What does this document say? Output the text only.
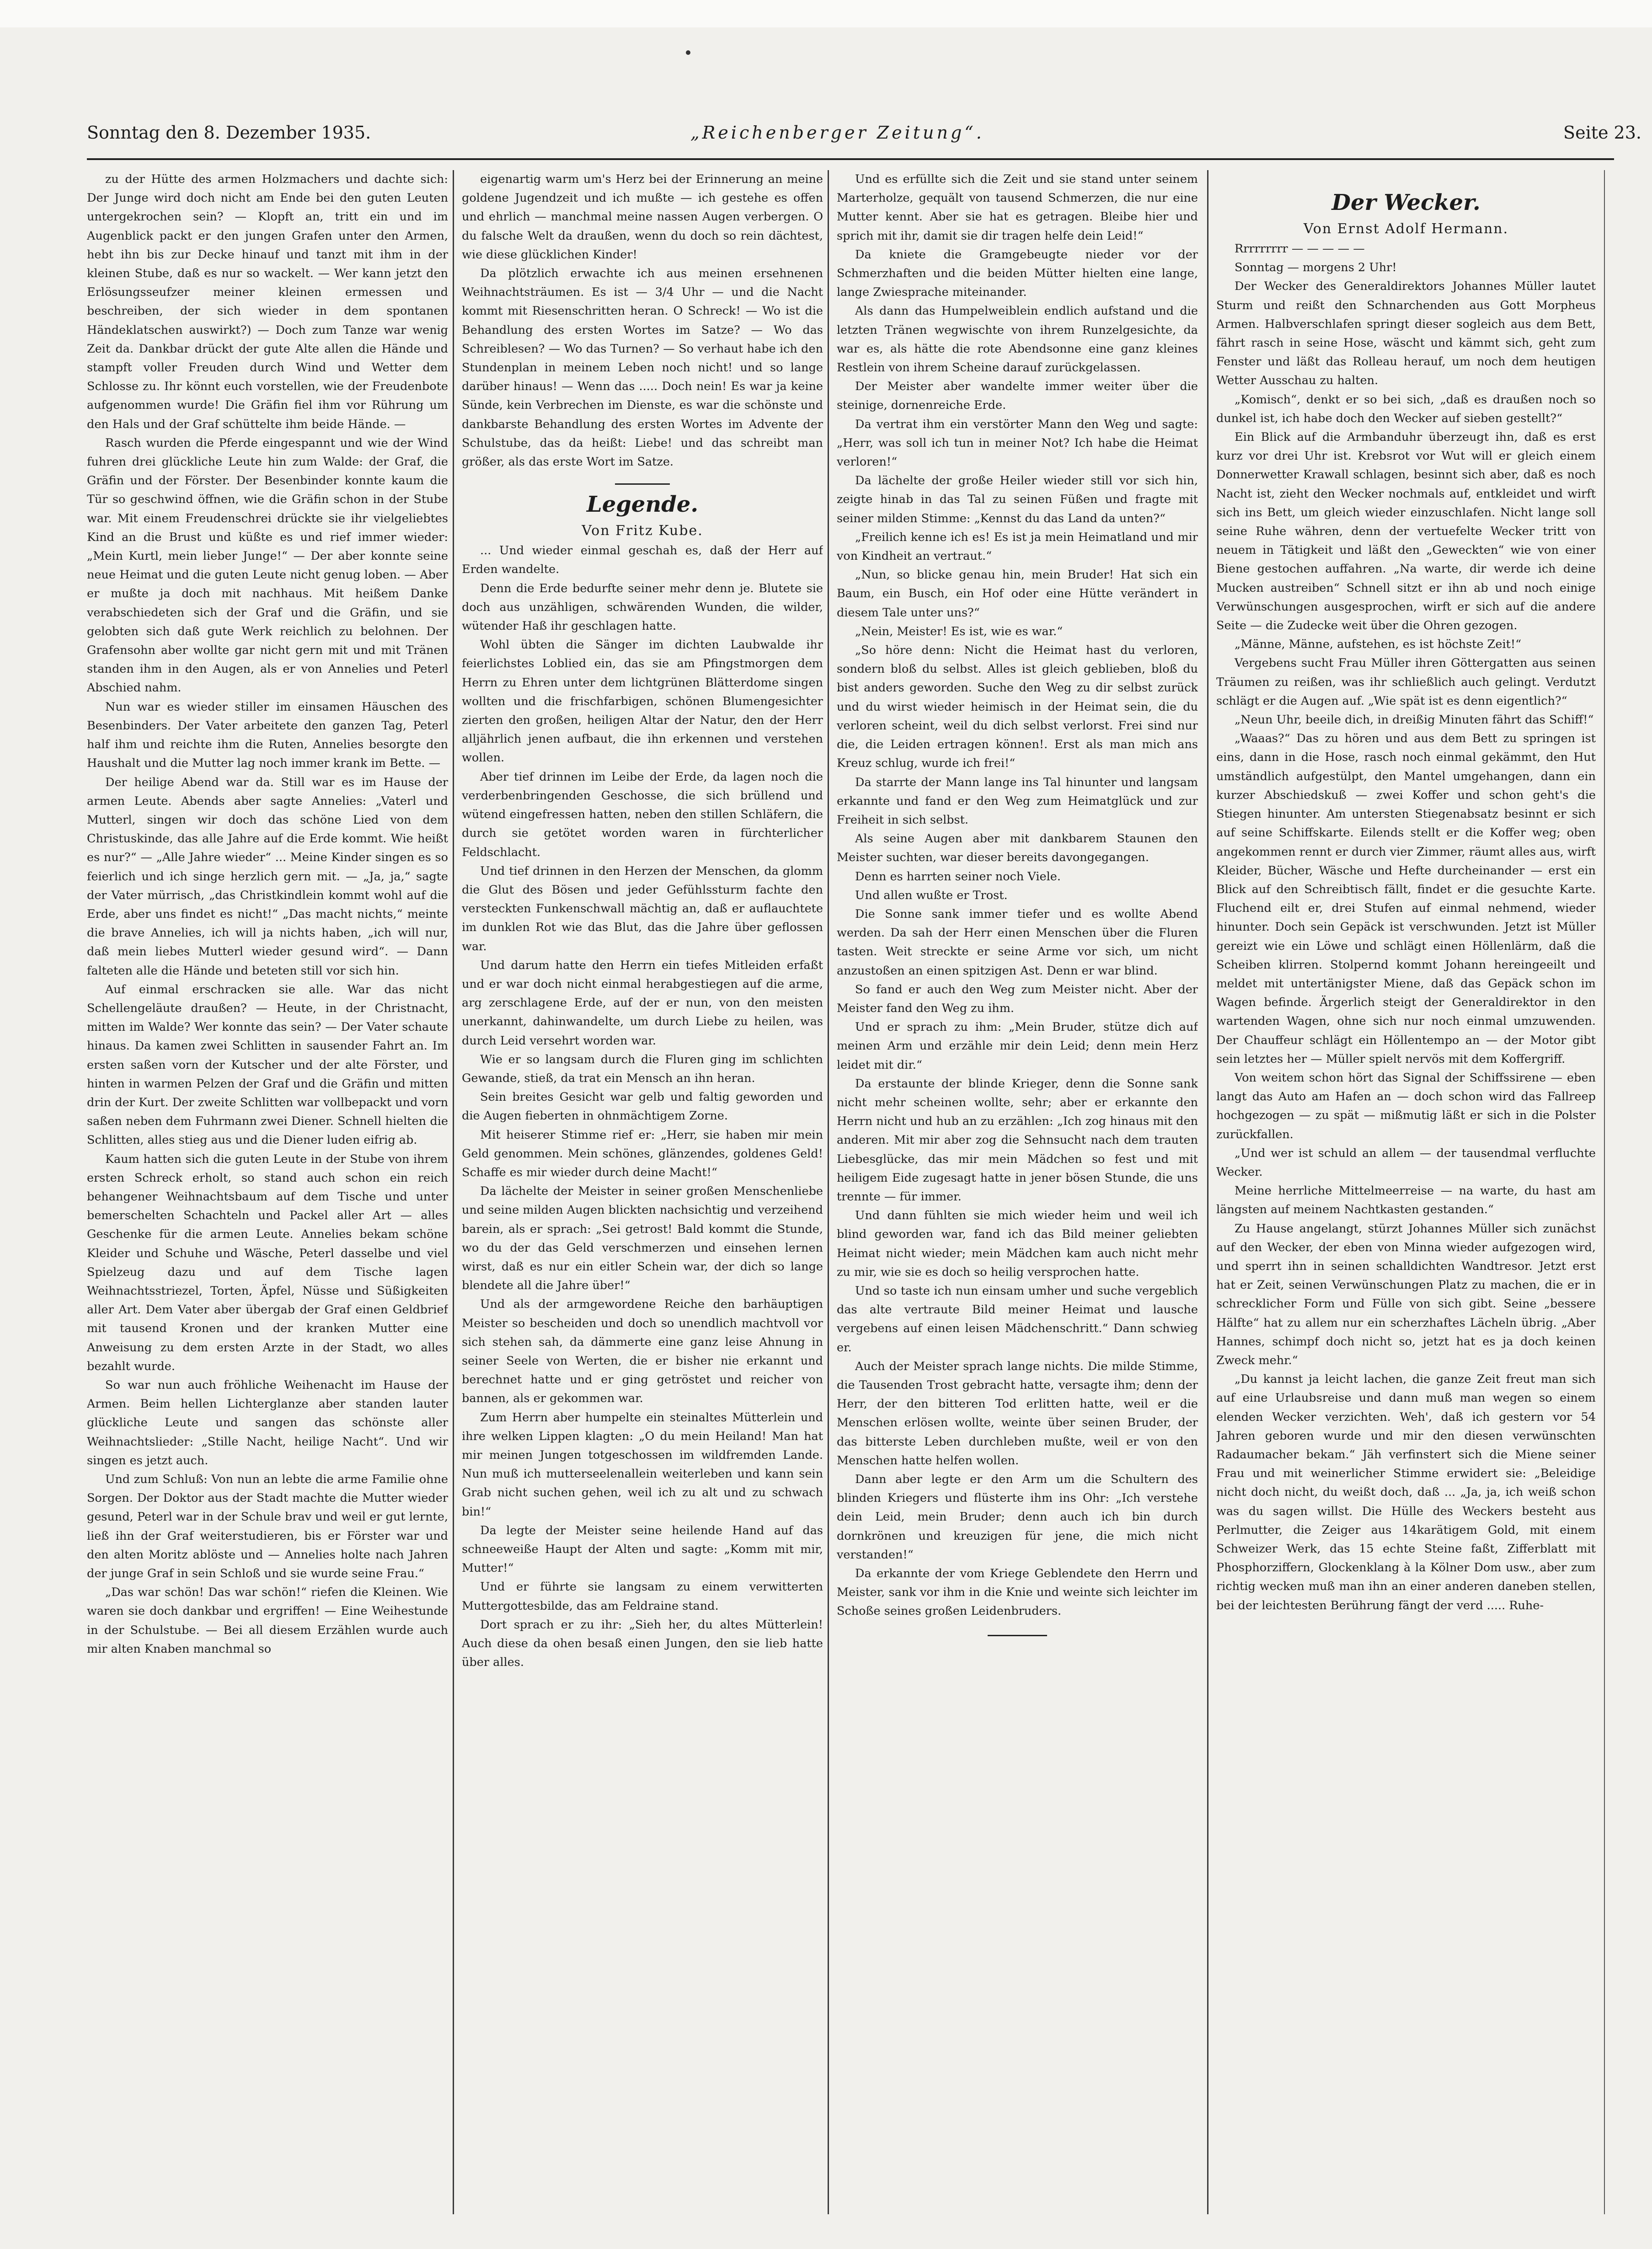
Sonntag den 8. Dezember 1935.	„Reichenberger Zeitung“.	Seite 23.

zu der Hütte des armen Holzmachers und dachte sich: Der Junge wird doch nicht am Ende bei den guten Leuten untergekrochen sein? — Klopft an, tritt ein und im Augenblick packt er den jungen Grafen unter den Armen, hebt ihn bis zur Decke hinauf und tanzt mit ihm in der kleinen Stube, daß es nur so wackelt. — Wer kann jetzt den Erlösungsseufzer meiner kleinen ermessen und beschreiben, der sich wieder in dem spontanen Händeklatschen auswirkt?) — Doch zum Tanze war wenig Zeit da. Dankbar drückt der gute Alte allen die Hände und stampft voller Freuden durch Wind und Wetter dem Schlosse zu. Ihr könnt euch vorstellen, wie der Freudenbote aufgenommen wurde! Die Gräfin fiel ihm vor Rührung um den Hals und der Graf schüttelte ihm beide Hände. —

Rasch wurden die Pferde eingespannt und wie der Wind fuhren drei glückliche Leute hin zum Walde: der Graf, die Gräfin und der Förster. Der Besenbinder konnte kaum die Tür so geschwind öffnen, wie die Gräfin schon in der Stube war. Mit einem Freudenschrei drückte sie ihr vielgeliebtes Kind an die Brust und küßte es und rief immer wieder: „Mein Kurtl, mein lieber Junge!“ — Der aber konnte seine neue Heimat und die guten Leute nicht genug loben. — Aber er mußte ja doch mit nachhaus. Mit heißem Danke verabschiedeten sich der Graf und die Gräfin, und sie gelobten sich daß gute Werk reichlich zu belohnen. Der Grafensohn aber wollte gar nicht gern mit und mit Tränen standen ihm in den Augen, als er von Annelies und Peterl Abschied nahm.

Nun war es wieder stiller im einsamen Häuschen des Besenbinders. Der Vater arbeitete den ganzen Tag, Peterl half ihm und reichte ihm die Ruten, Annelies besorgte den Haushalt und die Mutter lag noch immer krank im Bette. —

Der heilige Abend war da. Still war es im Hause der armen Leute. Abends aber sagte Annelies: „Vaterl und Mutterl, singen wir doch das schöne Lied von dem Christuskinde, das alle Jahre auf die Erde kommt. Wie heißt es nur?“ — „Alle Jahre wieder“ ... Meine Kinder singen es so feierlich und ich singe herzlich gern mit. — „Ja, ja,“ sagte der Vater mürrisch, „das Christkindlein kommt wohl auf die Erde, aber uns findet es nicht!“ „Das macht nichts,“ meinte die brave Annelies, ich will ja nichts haben, „ich will nur, daß mein liebes Mutterl wieder gesund wird“. — Dann falteten alle die Hände und beteten still vor sich hin.

Auf einmal erschracken sie alle. War das nicht Schellengeläute draußen? — Heute, in der Christnacht, mitten im Walde? Wer konnte das sein? — Der Vater schaute hinaus. Da kamen zwei Schlitten in sausender Fahrt an. Im ersten saßen vorn der Kutscher und der alte Förster, und hinten in warmen Pelzen der Graf und die Gräfin und mitten drin der Kurt. Der zweite Schlitten war vollbepackt und vorn saßen neben dem Fuhrmann zwei Diener. Schnell hielten die Schlitten, alles stieg aus und die Diener luden eifrig ab.

Kaum hatten sich die guten Leute in der Stube von ihrem ersten Schreck erholt, so stand auch schon ein reich behangener Weihnachtsbaum auf dem Tische und unter bemerschelten Schachteln und Packel aller Art — alles Geschenke für die armen Leute. Annelies bekam schöne Kleider und Schuhe und Wäsche, Peterl dasselbe und viel Spielzeug dazu und auf dem Tische lagen Weihnachtsstriezel, Torten, Äpfel, Nüsse und Süßigkeiten aller Art. Dem Vater aber übergab der Graf einen Geldbrief mit tausend Kronen und der kranken Mutter eine Anweisung zu dem ersten Arzte in der Stadt, wo alles bezahlt wurde.

So war nun auch fröhliche Weihenacht im Hause der Armen. Beim hellen Lichterglanze aber standen lauter glückliche Leute und sangen das schönste aller Weihnachtslieder: „Stille Nacht, heilige Nacht“. Und wir singen es jetzt auch.

Und zum Schluß: Von nun an lebte die arme Familie ohne Sorgen. Der Doktor aus der Stadt machte die Mutter wieder gesund, Peterl war in der Schule brav und weil er gut lernte, ließ ihn der Graf weiterstudieren, bis er Förster war und den alten Moritz ablöste und — Annelies holte nach Jahren der junge Graf in sein Schloß und sie wurde seine Frau.“

„Das war schön! Das war schön!“ riefen die Kleinen. Wie waren sie doch dankbar und ergriffen! — Eine Weihestunde in der Schulstube. — Bei all diesem Erzählen wurde auch mir alten Knaben manchmal so

eigenartig warm um's Herz bei der Erinnerung an meine goldene Jugendzeit und ich mußte — ich gestehe es offen und ehrlich — manchmal meine nassen Augen verbergen. O du falsche Welt da draußen, wenn du doch so rein dächtest, wie diese glücklichen Kinder!

Da plötzlich erwachte ich aus meinen ersehnenen Weihnachtsträumen. Es ist — 3/4 Uhr — und die Nacht kommt mit Riesenschritten heran. O Schreck! — Wo ist die Behandlung des ersten Wortes im Satze? — Wo das Schreiblesen? — Wo das Turnen? — So verhaut habe ich den Stundenplan in meinem Leben noch nicht! und so lange darüber hinaus! — Wenn das ..... Doch nein! Es war ja keine Sünde, kein Verbrechen im Dienste, es war die schönste und dankbarste Behandlung des ersten Wortes im Advente der Schulstube, das da heißt: Liebe! und das schreibt man größer, als das erste Wort im Satze.

Legende.

Von Fritz Kube.

... Und wieder einmal geschah es, daß der Herr auf Erden wandelte.

Denn die Erde bedurfte seiner mehr denn je. Blutete sie doch aus unzähligen, schwärenden Wunden, die wilder, wütender Haß ihr geschlagen hatte.

Wohl übten die Sänger im dichten Laubwalde ihr feierlichstes Loblied ein, das sie am Pfingstmorgen dem Herrn zu Ehren unter dem lichtgrünen Blätterdome singen wollten und die frischfarbigen, schönen Blumengesichter zierten den großen, heiligen Altar der Natur, den der Herr alljährlich jenen aufbaut, die ihn erkennen und verstehen wollen.

Aber tief drinnen im Leibe der Erde, da lagen noch die verderbenbringenden Geschosse, die sich brüllend und wütend eingefressen hatten, neben den stillen Schläfern, die durch sie getötet worden waren in fürchterlicher Feldschlacht.

Und tief drinnen in den Herzen der Menschen, da glomm die Glut des Bösen und jeder Gefühlssturm fachte den versteckten Funkenschwall mächtig an, daß er auflauchtete im dunklen Rot wie das Blut, das die Jahre über geflossen war.

Und darum hatte den Herrn ein tiefes Mitleiden erfaßt und er war doch nicht einmal herabgestiegen auf die arme, arg zerschlagene Erde, auf der er nun, von den meisten unerkannt, dahinwandelte, um durch Liebe zu heilen, was durch Leid versehrt worden war.

Wie er so langsam durch die Fluren ging im schlichten Gewande, stieß, da trat ein Mensch an ihn heran.

Sein breites Gesicht war gelb und faltig geworden und die Augen fieberten in ohnmächtigem Zorne.

Mit heiserer Stimme rief er: „Herr, sie haben mir mein Geld genommen. Mein schönes, glänzendes, goldenes Geld! Schaffe es mir wieder durch deine Macht!“

Da lächelte der Meister in seiner großen Menschenliebe und seine milden Augen blickten nachsichtig und verzeihend barein, als er sprach: „Sei getrost! Bald kommt die Stunde, wo du der das Geld verschmerzen und einsehen lernen wirst, daß es nur ein eitler Schein war, der dich so lange blendete all die Jahre über!“

Und als der armgewordene Reiche den barhäuptigen Meister so bescheiden und doch so unendlich machtvoll vor sich stehen sah, da dämmerte eine ganz leise Ahnung in seiner Seele von Werten, die er bisher nie erkannt und berechnet hatte und er ging getröstet und reicher von bannen, als er gekommen war.

Zum Herrn aber humpelte ein steinaltes Mütterlein und ihre welken Lippen klagten: „O du mein Heiland! Man hat mir meinen Jungen totgeschossen im wildfremden Lande. Nun muß ich mutterseelenallein weiterleben und kann sein Grab nicht suchen gehen, weil ich zu alt und zu schwach bin!“

Da legte der Meister seine heilende Hand auf das schneeweiße Haupt der Alten und sagte: „Komm mit mir, Mutter!“

Und er führte sie langsam zu einem verwitterten Muttergottesbilde, das am Feldraine stand.

Dort sprach er zu ihr: „Sieh her, du altes Mütterlein! Auch diese da ohen besaß einen Jungen, den sie lieb hatte über alles.

Und es erfüllte sich die Zeit und sie stand unter seinem Marterholze, gequält von tausend Schmerzen, die nur eine Mutter kennt. Aber sie hat es getragen. Bleibe hier und sprich mit ihr, damit sie dir tragen helfe dein Leid!“

Da kniete die Gramgebeugte nieder vor der Schmerzhaften und die beiden Mütter hielten eine lange, lange Zwiesprache miteinander.

Als dann das Humpelweiblein endlich aufstand und die letzten Tränen wegwischte von ihrem Runzelgesichte, da war es, als hätte die rote Abendsonne eine ganz kleines Restlein von ihrem Scheine darauf zurückgelassen.

Der Meister aber wandelte immer weiter über die steinige, dornenreiche Erde.

Da vertrat ihm ein verstörter Mann den Weg und sagte: „Herr, was soll ich tun in meiner Not? Ich habe die Heimat verloren!“

Da lächelte der große Heiler wieder still vor sich hin, zeigte hinab in das Tal zu seinen Füßen und fragte mit seiner milden Stimme: „Kennst du das Land da unten?“

„Freilich kenne ich es! Es ist ja mein Heimatland und mir von Kindheit an vertraut.“

„Nun, so blicke genau hin, mein Bruder! Hat sich ein Baum, ein Busch, ein Hof oder eine Hütte verändert in diesem Tale unter uns?“

„Nein, Meister! Es ist, wie es war.“

„So höre denn: Nicht die Heimat hast du verloren, sondern bloß du selbst. Alles ist gleich geblieben, bloß du bist anders geworden. Suche den Weg zu dir selbst zurück und du wirst wieder heimisch in der Heimat sein, die du verloren scheint, weil du dich selbst verlorst. Frei sind nur die, die Leiden ertragen können!. Erst als man mich ans Kreuz schlug, wurde ich frei!“

Da starrte der Mann lange ins Tal hinunter und langsam erkannte und fand er den Weg zum Heimatglück und zur Freiheit in sich selbst.

Als seine Augen aber mit dankbarem Staunen den Meister suchten, war dieser bereits davongegangen.

Denn es harrten seiner noch Viele.

Und allen wußte er Trost.

Die Sonne sank immer tiefer und es wollte Abend werden. Da sah der Herr einen Menschen über die Fluren tasten. Weit streckte er seine Arme vor sich, um nicht anzustoßen an einen spitzigen Ast. Denn er war blind.

So fand er auch den Weg zum Meister nicht. Aber der Meister fand den Weg zu ihm.

Und er sprach zu ihm: „Mein Bruder, stütze dich auf meinen Arm und erzähle mir dein Leid; denn mein Herz leidet mit dir.“

Da erstaunte der blinde Krieger, denn die Sonne sank nicht mehr scheinen wollte, sehr; aber er erkannte den Herrn nicht und hub an zu erzählen: „Ich zog hinaus mit den anderen. Mit mir aber zog die Sehnsucht nach dem trauten Liebesglücke, das mir mein Mädchen so fest und mit heiligem Eide zugesagt hatte in jener bösen Stunde, die uns trennte — für immer.

Und dann fühlten sie mich wieder heim und weil ich blind geworden war, fand ich das Bild meiner geliebten Heimat nicht wieder; mein Mädchen kam auch nicht mehr zu mir, wie sie es doch so heilig versprochen hatte.

Und so taste ich nun einsam umher und suche vergeblich das alte vertraute Bild meiner Heimat und lausche vergebens auf einen leisen Mädchenschritt.“ Dann schwieg er.

Auch der Meister sprach lange nichts. Die milde Stimme, die Tausenden Trost gebracht hatte, versagte ihm; denn der Herr, der den bitteren Tod erlitten hatte, weil er die Menschen erlösen wollte, weinte über seinen Bruder, der das bitterste Leben durchleben mußte, weil er von den Menschen hatte helfen wollen.

Dann aber legte er den Arm um die Schultern des blinden Kriegers und flüsterte ihm ins Ohr: „Ich verstehe dein Leid, mein Bruder; denn auch ich bin durch dornkrönen und kreuzigen für jene, die mich nicht verstanden!“

Da erkannte der vom Kriege Geblendete den Herrn und Meister, sank vor ihm in die Knie und weinte sich leichter im Schoße seines großen Leidenbruders.

Der Wecker.

Von Ernst Adolf Hermann.

Rrrrrrrrr — — — — —

Sonntag — morgens 2 Uhr!

Der Wecker des Generaldirektors Johannes Müller lautet Sturm und reißt den Schnarchenden aus Gott Morpheus Armen. Halbverschlafen springt dieser sogleich aus dem Bett, fährt rasch in seine Hose, wäscht und kämmt sich, geht zum Fenster und läßt das Rolleau herauf, um noch dem heutigen Wetter Ausschau zu halten.

„Komisch“, denkt er so bei sich, „daß es draußen noch so dunkel ist, ich habe doch den Wecker auf sieben gestellt?“

Ein Blick auf die Armbanduhr überzeugt ihn, daß es erst kurz vor drei Uhr ist. Krebsrot vor Wut will er gleich einem Donnerwetter Krawall schlagen, besinnt sich aber, daß es noch Nacht ist, zieht den Wecker nochmals auf, entkleidet und wirft sich ins Bett, um gleich wieder einzuschlafen. Nicht lange soll seine Ruhe währen, denn der vertuefelte Wecker tritt von neuem in Tätigkeit und läßt den „Geweckten“ wie von einer Biene gestochen auffahren. „Na warte, dir werde ich deine Mucken austreiben“ Schnell sitzt er ihn ab und noch einige Verwünschungen ausgesprochen, wirft er sich auf die andere Seite — die Zudecke weit über die Ohren gezogen.

„Männe, Männe, aufstehen, es ist höchste Zeit!“

Vergebens sucht Frau Müller ihren Göttergatten aus seinen Träumen zu reißen, was ihr schließlich auch gelingt. Verdutzt schlägt er die Augen auf. „Wie spät ist es denn eigentlich?“

„Neun Uhr, beeile dich, in dreißig Minuten fährt das Schiff!“

„Waaas?“ Das zu hören und aus dem Bett zu springen ist eins, dann in die Hose, rasch noch einmal gekämmt, den Hut umständlich aufgestülpt, den Mantel umgehangen, dann ein kurzer Abschiedskuß — zwei Koffer und schon geht's die Stiegen hinunter. Am untersten Stiegenabsatz besinnt er sich auf seine Schiffskarte. Eilends stellt er die Koffer weg; oben angekommen rennt er durch vier Zimmer, räumt alles aus, wirft Kleider, Bücher, Wäsche und Hefte durcheinander — erst ein Blick auf den Schreibtisch fällt, findet er die gesuchte Karte. Fluchend eilt er, drei Stufen auf einmal nehmend, wieder hinunter. Doch sein Gepäck ist verschwunden. Jetzt ist Müller gereizt wie ein Löwe und schlägt einen Höllenlärm, daß die Scheiben klirren. Stolpernd kommt Johann hereingeeilt und meldet mit untertänigster Miene, daß das Gepäck schon im Wagen befinde. Ärgerlich steigt der Generaldirektor in den wartenden Wagen, ohne sich nur noch einmal umzuwenden. Der Chauffeur schlägt ein Höllentempo an — der Motor gibt sein letztes her — Müller spielt nervös mit dem Koffergriff.

Von weitem schon hört das Signal der Schiffssirene — eben langt das Auto am Hafen an — doch schon wird das Fallreep hochgezogen — zu spät — mißmutig läßt er sich in die Polster zurückfallen.

„Und wer ist schuld an allem — der tausendmal verfluchte Wecker.

Meine herrliche Mittelmeerreise — na warte, du hast am längsten auf meinem Nachtkasten gestanden.“

Zu Hause angelangt, stürzt Johannes Müller sich zunächst auf den Wecker, der eben von Minna wieder aufgezogen wird, und sperrt ihn in seinen schalldichten Wandtresor. Jetzt erst hat er Zeit, seinen Verwünschungen Platz zu machen, die er in schrecklicher Form und Fülle von sich gibt. Seine „bessere Hälfte“ hat zu allem nur ein scherzhaftes Lächeln übrig. „Aber Hannes, schimpf doch nicht so, jetzt hat es ja doch keinen Zweck mehr.“

„Du kannst ja leicht lachen, die ganze Zeit freut man sich auf eine Urlaubsreise und dann muß man wegen so einem elenden Wecker verzichten. Weh', daß ich gestern vor 54 Jahren geboren wurde und mir den diesen verwünschten Radaumacher bekam.“ Jäh verfinstert sich die Miene seiner Frau und mit weinerlicher Stimme erwidert sie: „Beleidige nicht doch nicht, du weißt doch, daß ... „Ja, ja, ich weiß schon was du sagen willst. Die Hülle des Weckers besteht aus Perlmutter, die Zeiger aus 14karätigem Gold, mit einem Schweizer Werk, das 15 echte Steine faßt, Zifferblatt mit Phosphorziffern, Glockenklang à la Kölner Dom usw., aber zum richtig wecken muß man ihn an einer anderen daneben stellen, bei der leichtesten Berührung fängt der verd ..... Ruhe-
